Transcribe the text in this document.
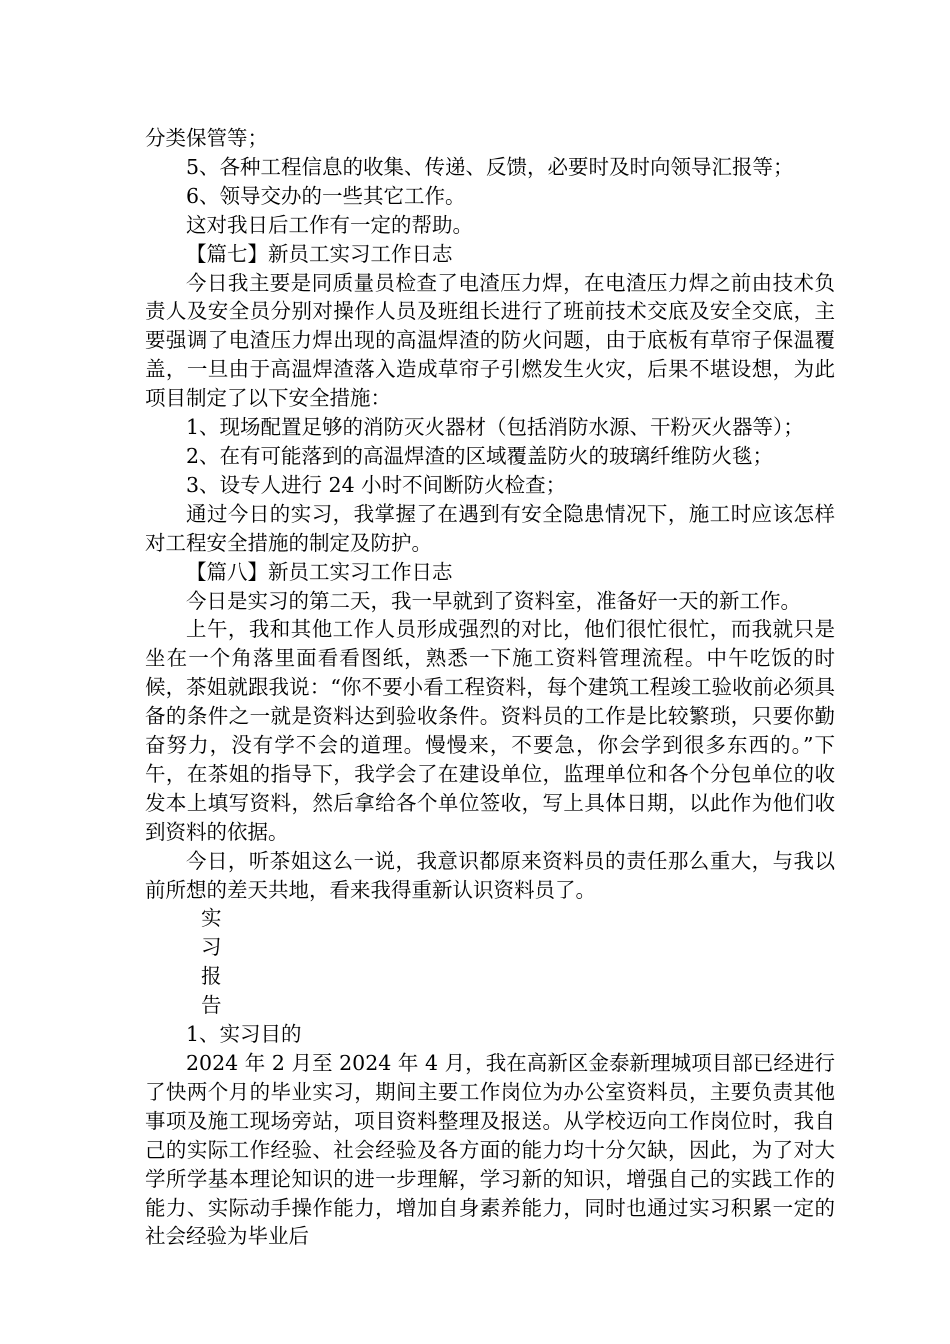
分类保管等；

5、各种工程信息的收集、传递、反馈，必要时及时向领导汇报等；

6、领导交办的一些其它工作。

这对我日后工作有一定的帮助。

【篇七】新员工实习工作日志

今日我主要是同质量员检查了电渣压力焊，在电渣压力焊之前由技术负责人及安全员分别对操作人员及班组长进行了班前技术交底及安全交底，主要强调了电渣压力焊出现的高温焊渣的防火问题，由于底板有草帘子保温覆盖，一旦由于高温焊渣落入造成草帘子引燃发生火灾，后果不堪设想，为此项目制定了以下安全措施：

1、现场配置足够的消防灭火器材（包括消防水源、干粉灭火器等）；

2、在有可能落到的高温焊渣的区域覆盖防火的玻璃纤维防火毯；

3、设专人进行 24 小时不间断防火检查；

通过今日的实习，我掌握了在遇到有安全隐患情况下，施工时应该怎样对工程安全措施的制定及防护。

【篇八】新员工实习工作日志

今日是实习的第二天，我一早就到了资料室，准备好一天的新工作。

上午，我和其他工作人员形成强烈的对比，他们很忙很忙，而我就只是坐在一个角落里面看看图纸，熟悉一下施工资料管理流程。中午吃饭的时候，茶姐就跟我说：“你不要小看工程资料，每个建筑工程竣工验收前必须具备的条件之一就是资料达到验收条件。资料员的工作是比较繁琐，只要你勤奋努力，没有学不会的道理。慢慢来，不要急，你会学到很多东西的。”下午，在茶姐的指导下，我学会了在建设单位，监理单位和各个分包单位的收发本上填写资料，然后拿给各个单位签收，写上具体日期，以此作为他们收到资料的依据。

今日，听茶姐这么一说，我意识都原来资料员的责任那么重大，与我以前所想的差天共地，看来我得重新认识资料员了。

实
习
报
告

1、实习目的

2024 年 2 月至 2024 年 4 月，我在高新区金泰新理城项目部已经进行了快两个月的毕业实习，期间主要工作岗位为办公室资料员，主要负责其他事项及施工现场旁站，项目资料整理及报送。从学校迈向工作岗位时，我自己的实际工作经验、社会经验及各方面的能力均十分欠缺，因此，为了对大学所学基本理论知识的进一步理解，学习新的知识，增强自己的实践工作的能力、实际动手操作能力，增加自身素养能力，同时也通过实习积累一定的社会经验为毕业后
